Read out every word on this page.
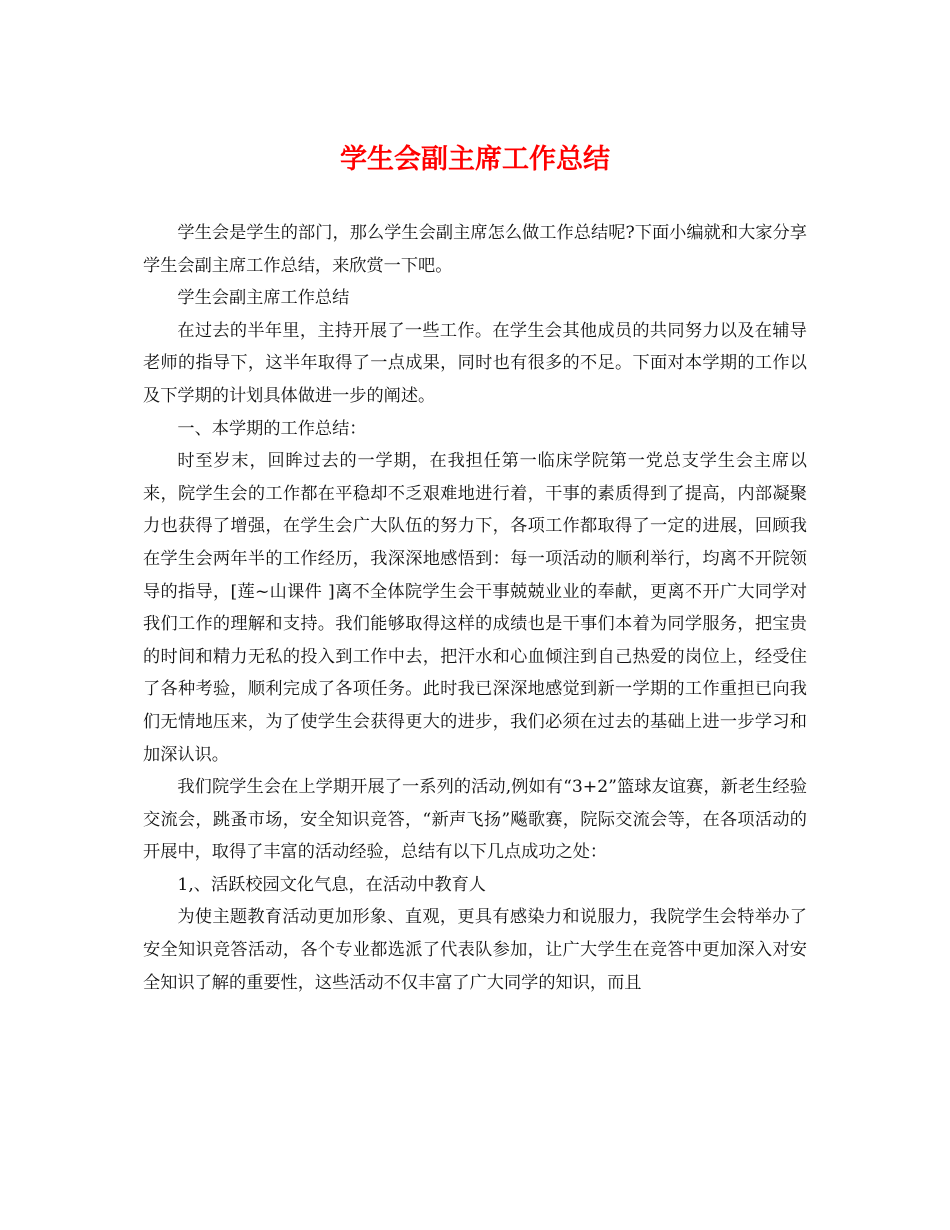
学生会副主席工作总结

学生会是学生的部门，那么学生会副主席怎么做工作总结呢?下面小编就和大家分享学生会副主席工作总结，来欣赏一下吧。

学生会副主席工作总结

在过去的半年里，主持开展了一些工作。在学生会其他成员的共同努力以及在辅导老师的指导下，这半年取得了一点成果，同时也有很多的不足。下面对本学期的工作以及下学期的计划具体做进一步的阐述。

一、本学期的工作总结：

时至岁末，回眸过去的一学期，在我担任第一临床学院第一党总支学生会主席以来，院学生会的工作都在平稳却不乏艰难地进行着，干事的素质得到了提高，内部凝聚力也获得了增强，在学生会广大队伍的努力下，各项工作都取得了一定的进展，回顾我在学生会两年半的工作经历，我深深地感悟到：每一项活动的顺利举行，均离不开院领导的指导，[莲~山课件 ]离不全体院学生会干事兢兢业业的奉献，更离不开广大同学对我们工作的理解和支持。我们能够取得这样的成绩也是干事们本着为同学服务，把宝贵的时间和精力无私的投入到工作中去，把汗水和心血倾注到自己热爱的岗位上，经受住了各种考验，顺利完成了各项任务。此时我已深深地感觉到新一学期的工作重担已向我们无情地压来，为了使学生会获得更大的进步，我们必须在过去的基础上进一步学习和加深认识。

我们院学生会在上学期开展了一系列的活动,例如有“3+2”篮球友谊赛，新老生经验交流会，跳蚤市场，安全知识竞答，“新声飞扬”飚歌赛，院际交流会等，在各项活动的开展中，取得了丰富的活动经验，总结有以下几点成功之处：

1,、活跃校园文化气息，在活动中教育人

为使主题教育活动更加形象、直观，更具有感染力和说服力，我院学生会特举办了安全知识竞答活动，各个专业都选派了代表队参加，让广大学生在竞答中更加深入对安全知识了解的重要性，这些活动不仅丰富了广大同学的知识，而且
